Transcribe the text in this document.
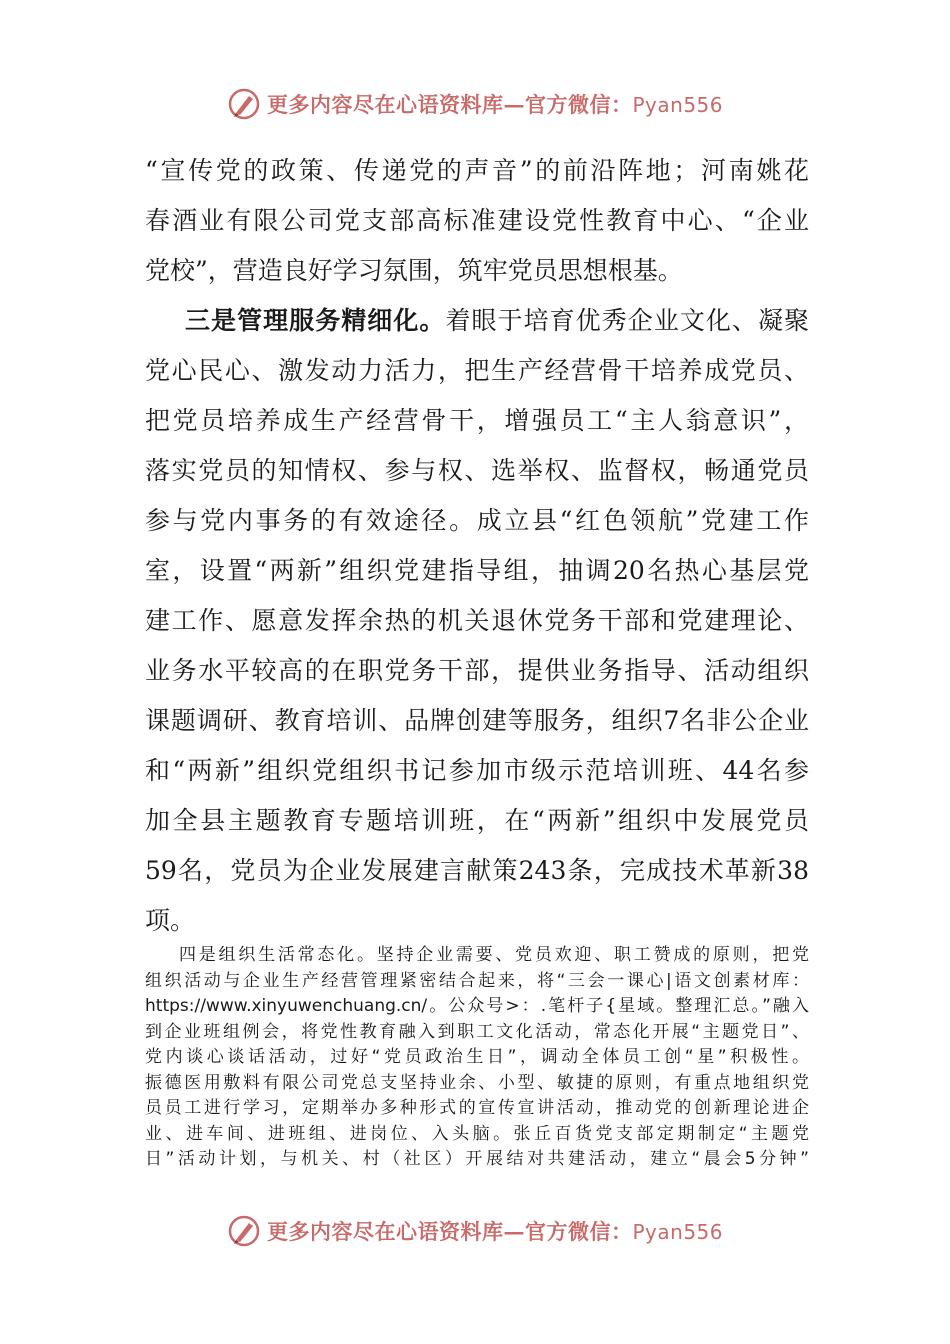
更多内容尽在心语资料库—官方微信：Pyan556
“宣传党的政策、传递党的声音”的前沿阵地；河南姚花
春酒业有限公司党支部高标准建设党性教育中心、“企业
党校”，营造良好学习氛围，筑牢党员思想根基。
三是管理服务精细化。着眼于培育优秀企业文化、凝聚
党心民心、激发动力活力，把生产经营骨干培养成党员、
把党员培养成生产经营骨干，增强员工“主人翁意识”，
落实党员的知情权、参与权、选举权、监督权，畅通党员
参与党内事务的有效途径。成立县“红色领航”党建工作
室，设置“两新”组织党建指导组，抽调20名热心基层党
建工作、愿意发挥余热的机关退休党务干部和党建理论、
业务水平较高的在职党务干部，提供业务指导、活动组织
课题调研、教育培训、品牌创建等服务，组织7名非公企业
和“两新”组织党组织书记参加市级示范培训班、44名参
加全县主题教育专题培训班，在“两新”组织中发展党员
59名，党员为企业发展建言献策243条，完成技术革新38
项。
四是组织生活常态化。坚持企业需要、党员欢迎、职工赞成的原则，把党
组织活动与企业生产经营管理紧密结合起来，将“三会一课心|语文创素材库：
https://www.xinyuwenchuang.cn/。公众号>：.笔杆子{星域。整理汇总。”融入
到企业班组例会，将党性教育融入到职工文化活动，常态化开展“主题党日”、
党内谈心谈话活动，过好“党员政治生日”，调动全体员工创“星”积极性。
振德医用敷料有限公司党总支坚持业余、小型、敏捷的原则，有重点地组织党
员员工进行学习，定期举办多种形式的宣传宣讲活动，推动党的创新理论进企
业、进车间、进班组、进岗位、入头脑。张丘百货党支部定期制定“主题党
日”活动计划，与机关、村（社区）开展结对共建活动，建立“晨会5分钟”
更多内容尽在心语资料库—官方微信：Pyan556
